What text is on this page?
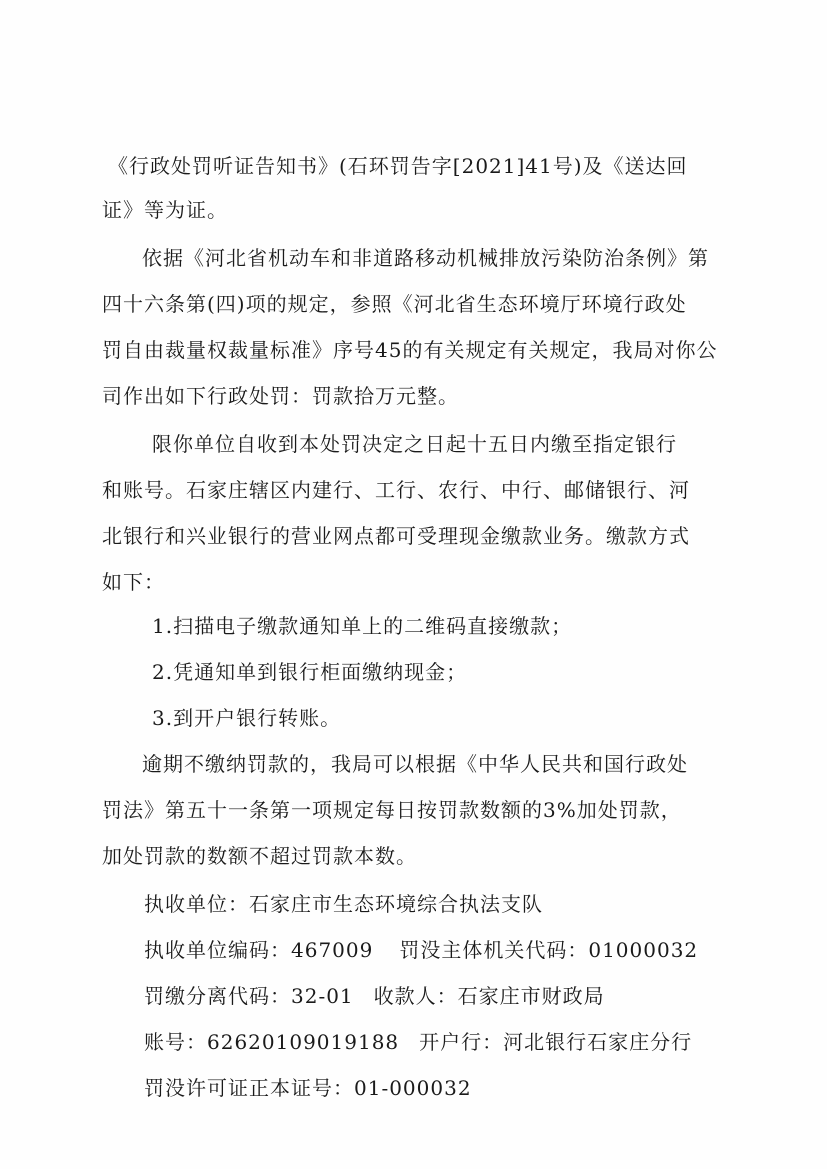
《行政处罚听证告知书》(石环罚告字[2021]41号)及《送达回
证》等为证。
依据《河北省机动车和非道路移动机械排放污染防治条例》第
四十六条第(四)项的规定，参照《河北省生态环境厅环境行政处
罚自由裁量权裁量标准》序号45的有关规定有关规定，我局对你公
司作出如下行政处罚：罚款拾万元整。
限你单位自收到本处罚决定之日起十五日内缴至指定银行
和账号。石家庄辖区内建行、工行、农行、中行、邮储银行、河
北银行和兴业银行的营业网点都可受理现金缴款业务。缴款方式
如下：
1.扫描电子缴款通知单上的二维码直接缴款；
2.凭通知单到银行柜面缴纳现金；
3.到开户银行转账。
逾期不缴纳罚款的，我局可以根据《中华人民共和国行政处
罚法》第五十一条第一项规定每日按罚款数额的3%加处罚款，
加处罚款的数额不超过罚款本数。
执收单位：石家庄市生态环境综合执法支队
执收单位编码：467009 罚没主体机关代码：01000032
罚缴分离代码：32-01 收款人：石家庄市财政局
账号：62620109019188 开户行：河北银行石家庄分行
罚没许可证正本证号：01-000032
